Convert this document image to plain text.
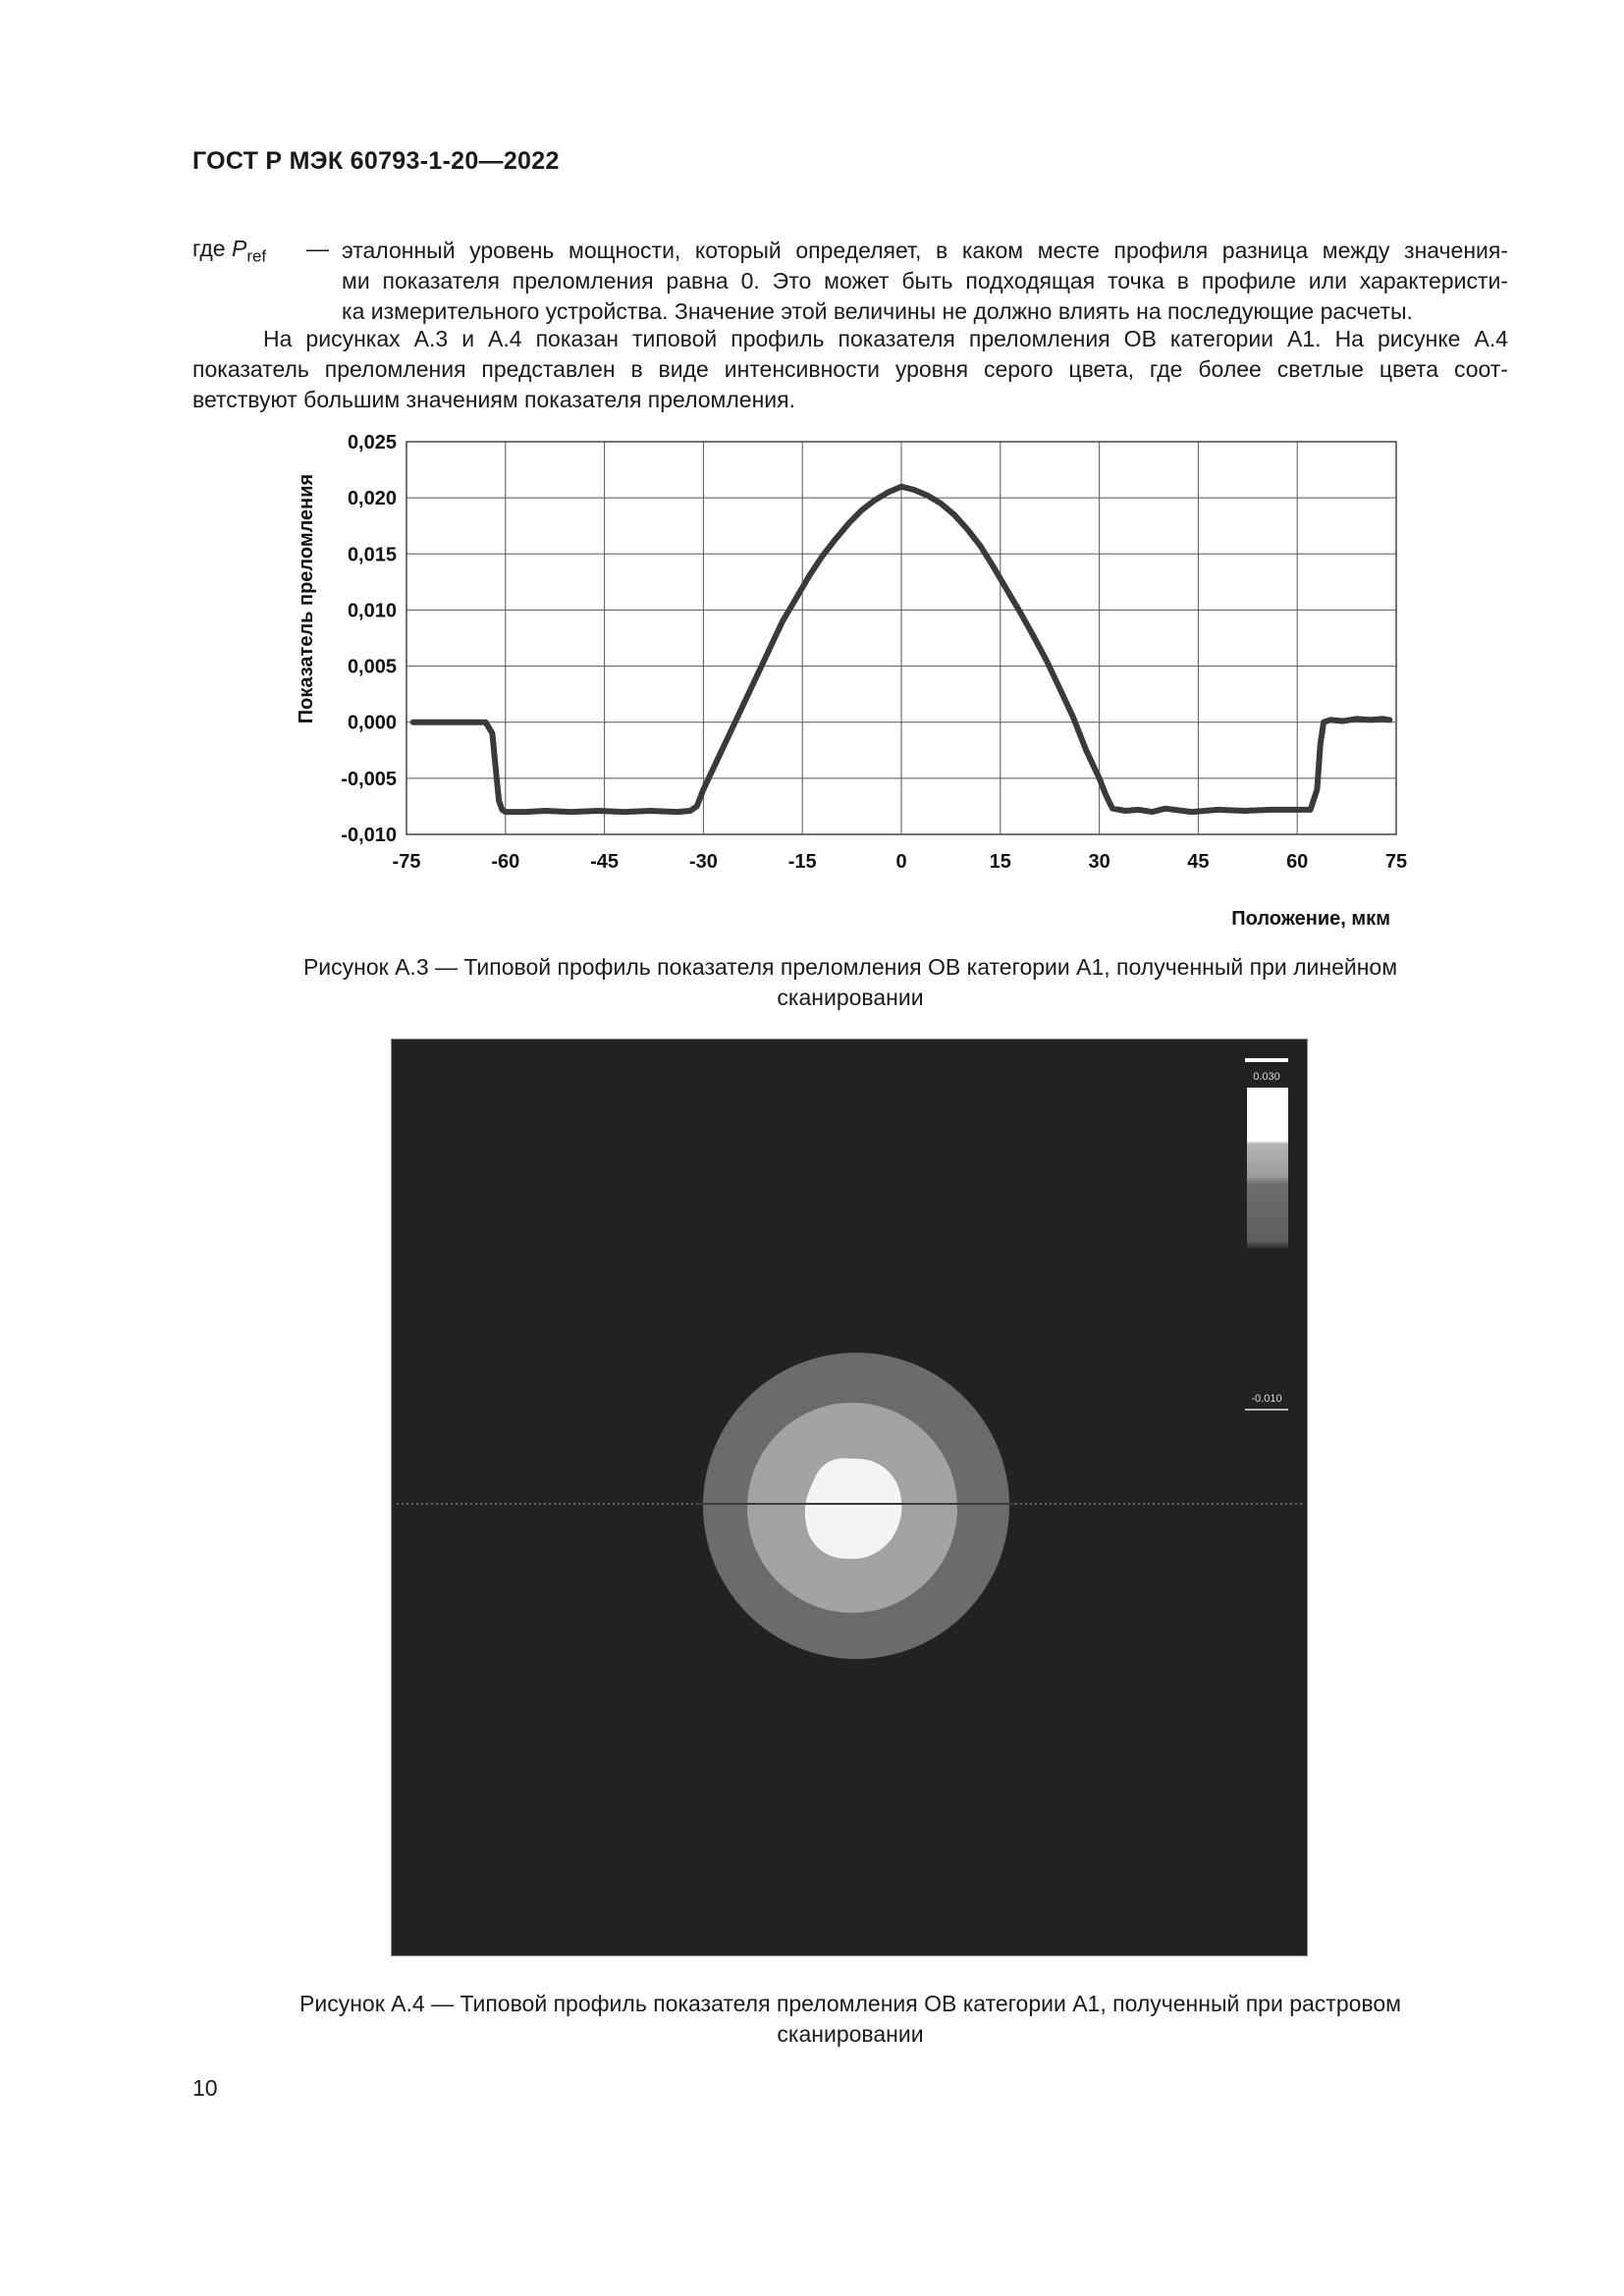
ГОСТ Р МЭК 60793-1-20—2022
где $P_{ref}$ — эталонный уровень мощности, который определяет, в каком месте профиля разница между значения-
ми показателя преломления равна 0. Это может быть подходящая точка в профиле или характеристи-
ка измерительного устройства. Значение этой величины не должно влиять на последующие расчеты.
На рисунках А.3 и А.4 показан типовой профиль показателя преломления ОВ категории А1. На рисунке А.4
показатель преломления представлен в виде интенсивности уровня серого цвета, где более светлые цвета соот-
ветствуют большим значениям показателя преломления.
-75	-60	-45	-30	-15	0	15	30	45	60	75
-0,010
-0,005
0,000
0,005
0,010
0,015
0,020
0,025
Положение, мкм
Показатель преломления
Рисунок А.3 — Типовой профиль показателя преломления ОВ категории А1, полученный при линейном
сканировании
0.030
-0.010
Рисунок А.4 — Типовой профиль показателя преломления ОВ категории А1, полученный при растровом
сканировании
10
